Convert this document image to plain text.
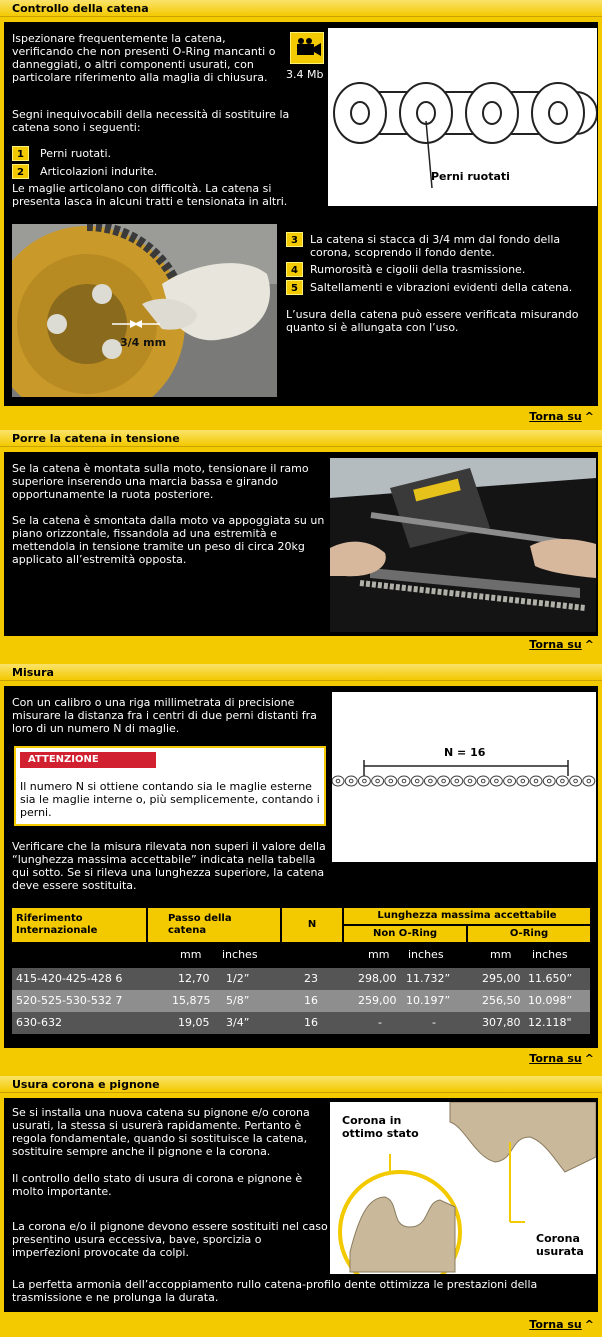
Controllo della catena

Ispezionare frequentemente la catena, verificando che non presenti O-Ring mancanti o danneggiati, o altri componenti usurati, con particolare riferimento alla maglia di chiusura.

Segni inequivocabili della necessità di sostituire la catena sono i seguenti:

3.4 Mb
Perni ruotati
1	Perni ruotati.
2	Articolazioni indurite.

Le maglie articolano con difficoltà. La catena si presenta lasca in alcuni tratti e tensionata in altri.

3/4 mm
3	La catena si stacca di 3/4 mm dal fondo della corona, scoprendo il fondo dente.

4	Rumorosità e cigolii della trasmissione.
5	Saltellamenti e vibrazioni evidenti della catena.

L’usura della catena può essere verificata misurando quanto si è allungata con l’uso.

Torna su ^
Porre la catena in tensione

Se la catena è montata sulla moto, tensionare il ramo superiore inserendo una marcia bassa e girando opportunamente la ruota posteriore.

Se la catena è smontata dalla moto va appoggiata su un piano orizzontale, fissandola ad una estremità e mettendola in tensione tramite un peso di circa 20kg applicato all’estremità opposta.

Torna su ^
Misura

Con un calibro o una riga millimetrata di precisione misurare la distanza fra i centri di due perni distanti fra loro di un numero N di maglie.

ATTENZIONE

Il numero N si ottiene contando sia le maglie esterne sia le maglie interne o, più semplicemente, contando i perni.

N = 16

Verificare che la misura rilevata non superi il valore della “lunghezza massima accettabile” indicata nella tabella qui sotto. Se si rileva una lunghezza superiore, la catena deve essere sostituita.

Riferimento Internazionale
Passo della catena
N
Lunghezza massima accettabile
Non O-Ring	O-Ring
mm inches	mm inches	mm inches
415-420-425-428 6	12,70 1/2”	23	298,00 11.732”	295,00 11.650”
520-525-530-532 7	15,875 5/8”	16	259,00 10.197”	256,50 10.098”
630-632	19,05 3/4”	16	-	-	307,80 12.118"
Torna su ^
Usura corona e pignone

Se si installa una nuova catena su pignone e/o corona usurati, la stessa si usurerà rapidamente. Pertanto è regola fondamentale, quando si sostituisce la catena, sostituire sempre anche il pignone e la corona.

Il controllo dello stato di usura di corona e pignone è molto importante.

La corona e/o il pignone devono essere sostituiti nel caso presentino usura eccessiva, bave, sporcizia o imperfezioni provocate da colpi.

La perfetta armonia dell’accoppiamento rullo catena-profilo dente ottimizza le prestazioni della trasmissione e ne prolunga la durata.

Corona in ottimo stato
Corona usurata
Torna su ^
